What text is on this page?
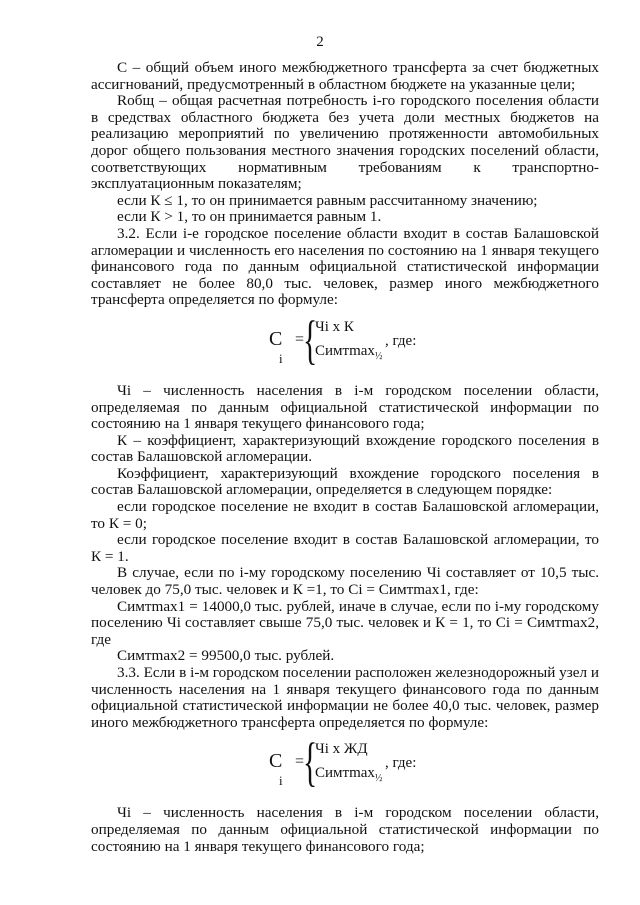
2

С – общий объем иного межбюджетного трансферта за счет бюджетных ассигнований, предусмотренный в областном бюджете на указанные цели;

Rобщ – общая расчетная потребность i-го городского поселения области в средствах областного бюджета без учета доли местных бюджетов на реализацию мероприятий по увеличению протяженности автомобильных дорог общего пользования местного значения городских поселений области, соответствующих нормативным требованиям к транспортно-эксплуатационным показателям;

если К ≤ 1, то он принимается равным рассчитанному значению;

если К > 1, то он принимается равным 1.

3.2. Если i-е городское поселение области входит в состав Балашовской агломерации и численность его населения по состоянию на 1 января текущего финансового года по данным официальной статистической информации составляет не более 80,0 тыс. человек, размер иного межбюджетного трансферта определяется по формуле:

C
i
=
{
Чi х К
Cимтmax$_{\frac{1}{2}}$
, где:

Чi – численность населения в i-м городском поселении области, определяемая по данным официальной статистической информации по состоянию на 1 января текущего финансового года;

К – коэффициент, характеризующий вхождение городского поселения в состав Балашовской агломерации.

Коэффициент, характеризующий вхождение городского поселения в состав Балашовской агломерации, определяется в следующем порядке:

если городское поселение не входит в состав Балашовской агломерации, то К = 0;

если городское поселение входит в состав Балашовской агломерации, то К = 1.

В случае, если по i-му городскому поселению Чi составляет от 10,5 тыс. человек до 75,0 тыс. человек и К =1, то Сi = Симтmax1, где:

Симтmax1 = 14000,0 тыс. рублей, иначе в случае, если по i-му городскому поселению Чi составляет свыше 75,0 тыс. человек и К = 1, то Ci = Симтmax2, где

Симтmax2 = 99500,0 тыс. рублей.

3.3. Если в i-м городском поселении расположен железнодорожный узел и численность населения на 1 января текущего финансового года по данным официальной статистической информации не более 40,0 тыс. человек, размер иного межбюджетного трансферта определяется по формуле:

C
i
=
{
Чi х ЖД
Cимтmax$_{\frac{1}{2}}$
, где:

Чi – численность населения в i-м городском поселении области, определяемая по данным официальной статистической информации по состоянию на 1 января текущего финансового года;
